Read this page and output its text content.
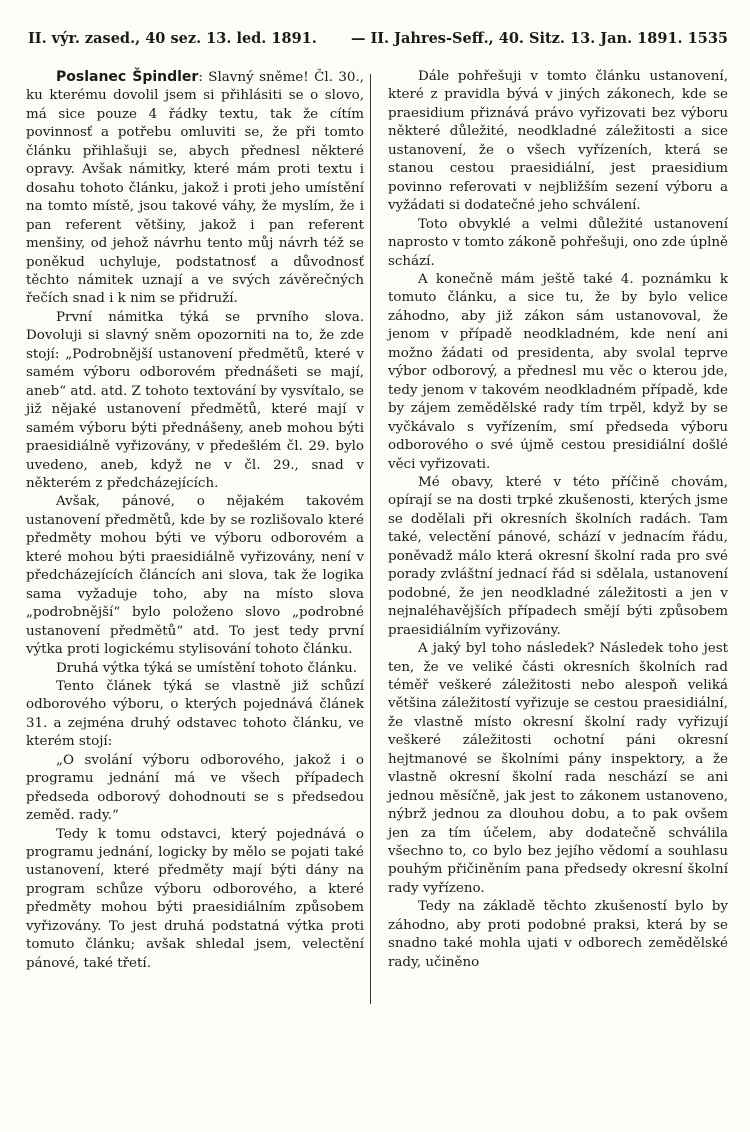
II. výr. zased., 40 sez. 13. led. 1891. — II. Jahres-Seff., 40. Sitz. 13. Jan. 1891. 1535

Poslanec Špindler: Slavný sněme! Čl. 30., ku kterému dovolil jsem si přihlásiti se o slovo, má sice pouze 4 řádky textu, tak že cítím povinnosť a potřebu omluviti se, že při tomto článku přihlašuji se, abych přednesl některé opravy. Avšak námitky, které mám proti textu i dosahu tohoto článku, jakož i proti jeho umístění na tomto místě, jsou takové váhy, že myslím, že i pan referent většiny, jakož i pan referent menšiny, od jehož návrhu tento můj návrh též se poněkud uchyluje, podstatnosť a důvodnosť těchto námitek uznají a ve svých závěrečných řečích snad i k nim se přidruží.

První námitka týká se prvního slova. Dovoluji si slavný sněm opozorniti na to, že zde stojí: „Podrobnější ustanovení předmětů, které v samém výboru odborovém přednášeti se mají, aneb“ atd. atd. Z tohoto textování by vysvítalo, se již nějaké ustanovení předmětů, které mají v samém výboru býti přednášeny, aneb mohou býti praesidiálně vyřizovány, v předešlém čl. 29. bylo uvedeno, aneb, když ne v čl. 29., snad v některém z předcházejících.

Avšak, pánové, o nějakém takovém ustanovení předmětů, kde by se rozlišovalo které předměty mohou býti ve výboru odborovém a které mohou býti praesidiálně vyřizovány, není v předcházejících článcích ani slova, tak že logika sama vyžaduje toho, aby na místo slova „podrobnější“ bylo položeno slovo „podrobné ustanovení předmětů“ atd. To jest tedy první výtka proti logickému stylisování tohoto článku.

Druhá výtka týká se umístění tohoto článku.

Tento článek týká se vlastně již schůzí odborového výboru, o kterých pojednává článek 31. a zejména druhý odstavec tohoto článku, ve kterém stojí:

„O svolání výboru odborového, jakož i o programu jednání má ve všech případech předseda odborový dohodnouti se s předsedou zeměd. rady.“

Tedy k tomu odstavci, který pojednává o programu jednání, logicky by mělo se pojati také ustanovení, které předměty mají býti dány na program schůze výboru odborového, a které předměty mohou býti praesidiálním způsobem vyřizovány. To jest druhá podstatná výtka proti tomuto článku; avšak shledal jsem, velectění pánové, také třetí.

Dále pohřešuji v tomto článku ustanovení, které z pravidla bývá v jiných zákonech, kde se praesidium přiznává právo vyřizovati bez výboru některé důležité, neodkladné záležitosti a sice ustanovení, že o všech vyřízeních, která se stanou cestou praesidiální, jest praesidium povinno referovati v nejbližším sezení výboru a vyžádati si dodatečné jeho schválení.

Toto obvyklé a velmi důležité ustanovení naprosto v tomto zákoně pohřešuji, ono zde úplně schází.

A konečně mám ještě také 4. poznámku k tomuto článku, a sice tu, že by bylo velice záhodno, aby již zákon sám ustanovoval, že jenom v případě neodkladném, kde není ani možno žádati od presidenta, aby svolal teprve výbor odborový, a přednesl mu věc o kterou jde, tedy jenom v takovém neodkladném případě, kde by zájem zemědělské rady tím trpěl, když by se vyčkávalo s vyřízením, smí předseda výboru odborového o své újmě cestou presidiální došlé věci vyřizovati.

Mé obavy, které v této příčině chovám, opírají se na dosti trpké zkušenosti, kterých jsme se dodělali při okresních školních radách. Tam také, velectění pánové, schází v jednacím řádu, poněvadž málo která okresní školní rada pro své porady zvláštní jednací řád si sdělala, ustanovení podobné, že jen neodkladné záležitosti a jen v nejnaléhavějších případech smějí býti způsobem praesidiálním vyřizovány.

A jaký byl toho následek? Následek toho jest ten, že ve veliké části okresních školních rad téměř veškeré záležitosti nebo alespoň veliká většina záležitostí vyřizuje se cestou praesidiální, že vlastně místo okresní školní rady vyřizují veškeré záležitosti ochotní páni okresní hejtmanové se školními pány inspektory, a že vlastně okresní školní rada neschází se ani jednou měsíčně, jak jest to zákonem ustanoveno, nýbrž jednou za dlouhou dobu, a to pak ovšem jen za tím účelem, aby dodatečně schválila všechno to, co bylo bez jejího vědomí a souhlasu pouhým přičiněním pana předsedy okresní školní rady vyřízeno.

Tedy na základě těchto zkušeností bylo by záhodno, aby proti podobné praksi, která by se snadno také mohla ujati v odborech zemědělské rady, učiněno
